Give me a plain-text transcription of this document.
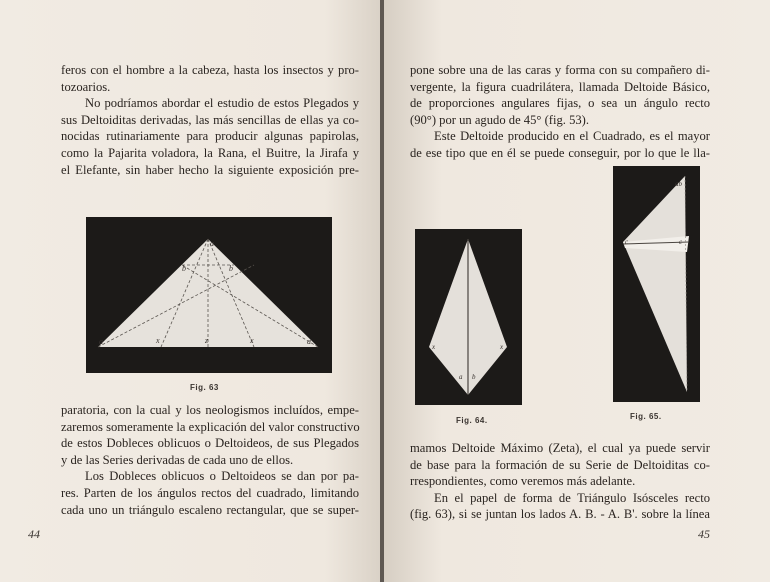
feros con el hombre a la cabeza, hasta los insectos y pro-
tozoarios.
No podríamos abordar el estudio de estos Plegados y
sus Deltoiditas derivadas, las más sencillas de ellas ya co-
nocidas rutinariamente para producir algunas papirolas,
como la Pajarita voladora, la Rana, el Buitre, la Jirafa y
el Elefante, sin haber hecho la siguiente exposición pre-
b	b
x	z	x
a	a
a
Fig. 63
paratoria, con la cual y los neologismos incluídos, empe-
zaremos someramente la explicación del valor constructivo
de estos Dobleces oblicuos o Deltoideos, de sus Plegados
y de las Series derivadas de cada uno de ellos.
Los Dobleces oblicuos o Deltoideos se dan por pa-
res. Parten de los ángulos rectos del cuadrado, limitando
cada uno un triángulo escaleno rectangular, que se super-
44
pone sobre una de las caras y forma con su compañero di-
vergente, la figura cuadrilátera, llamada Deltoide Básico,
de proporciones angulares fijas, o sea un ángulo recto
(90°) por un agudo de 45° (fig. 53).
Este Deltoide producido en el Cuadrado, es el mayor
de ese tipo que en él se puede conseguir, por lo que le lla-
x	x
a b
Fig. 64.
ab
c	c
Fig. 65.
mamos Deltoide Máximo (Zeta), el cual ya puede servir
de base para la formación de su Serie de Deltoiditas co-
rrespondientes, como veremos más adelante.
En el papel de forma de Triángulo Isósceles recto
(fig. 63), si se juntan los lados A. B. - A. B'. sobre la línea
45
